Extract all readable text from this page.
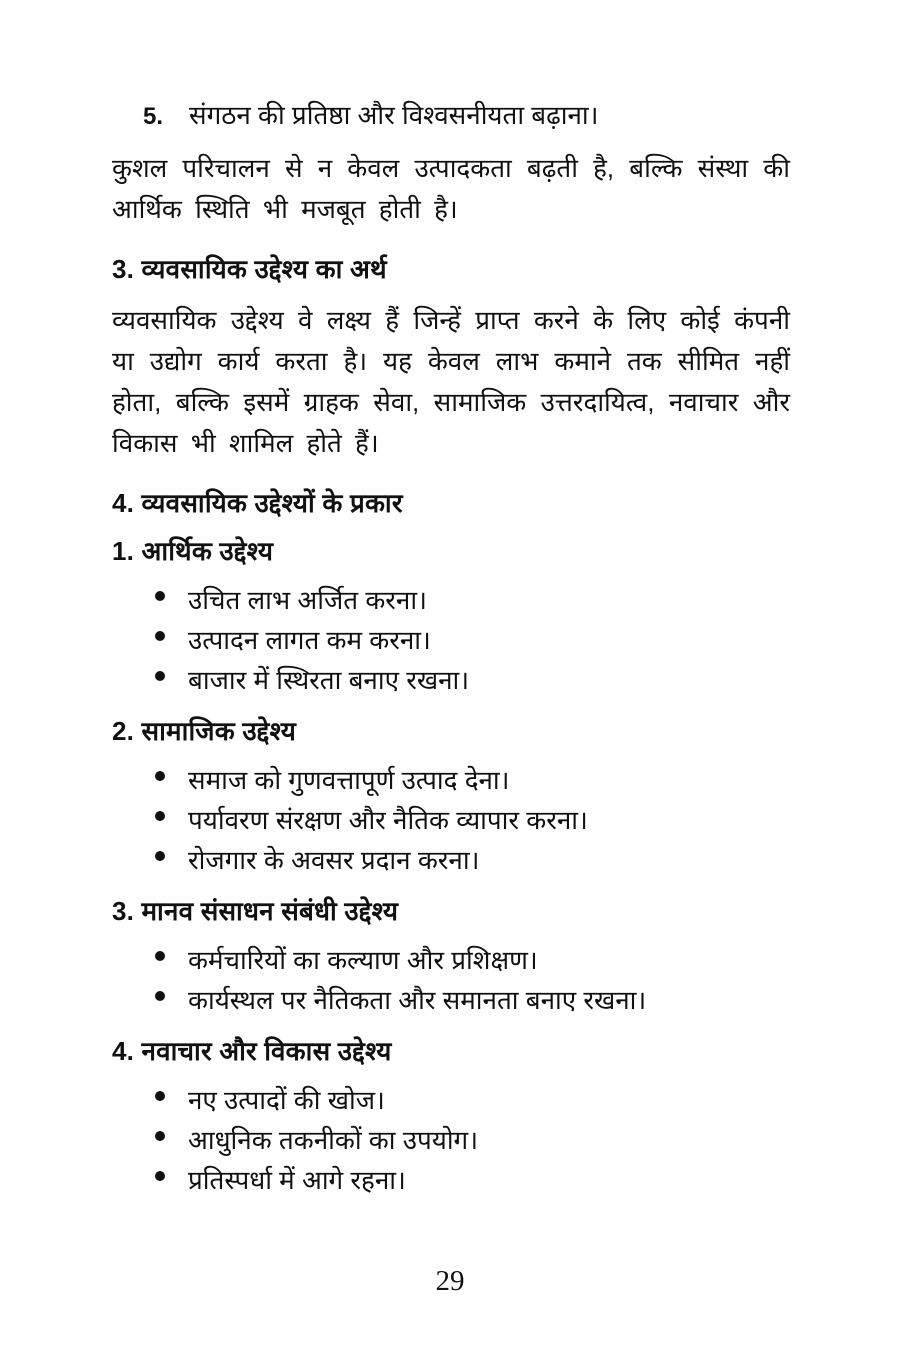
5. संगठन की प्रतिष्ठा और विश्वसनीयता बढ़ाना।

कुशल परिचालन से न केवल उत्पादकता बढ़ती है, बल्कि संस्था की आर्थिक स्थिति भी मजबूत होती है।

3. व्यवसायिक उद्देश्य का अर्थ

व्यवसायिक उद्देश्य वे लक्ष्य हैं जिन्हें प्राप्त करने के लिए कोई कंपनी या उद्योग कार्य करता है। यह केवल लाभ कमाने तक सीमित नहीं होता, बल्कि इसमें ग्राहक सेवा, सामाजिक उत्तरदायित्व, नवाचार और विकास भी शामिल होते हैं।

4. व्यवसायिक उद्देश्यों के प्रकार
1. आर्थिक उद्देश्य
उचित लाभ अर्जित करना।
उत्पादन लागत कम करना।
बाजार में स्थिरता बनाए रखना।
2. सामाजिक उद्देश्य
समाज को गुणवत्तापूर्ण उत्पाद देना।
पर्यावरण संरक्षण और नैतिक व्यापार करना।
रोजगार के अवसर प्रदान करना।
3. मानव संसाधन संबंधी उद्देश्य
कर्मचारियों का कल्याण और प्रशिक्षण।
कार्यस्थल पर नैतिकता और समानता बनाए रखना।
4. नवाचार और विकास उद्देश्य
नए उत्पादों की खोज।
आधुनिक तकनीकों का उपयोग।
प्रतिस्पर्धा में आगे रहना।
29
